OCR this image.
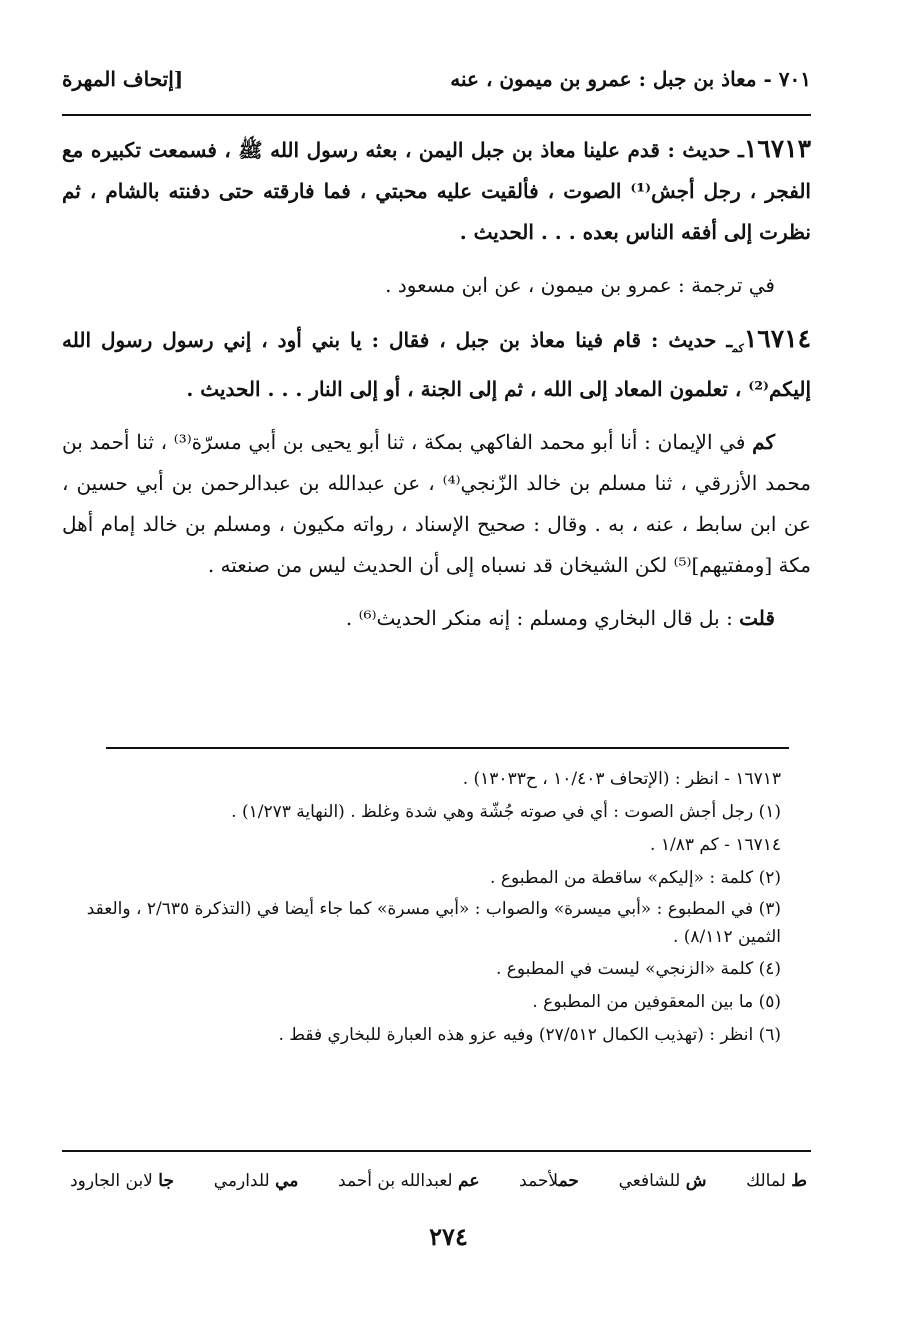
٧٠١ - معاذ بن جبل : عمرو بن ميمون ، عنه
[إتحاف المهرة

١٦٧١٣ـ حديث : قدم علينا معاذ بن جبل اليمن ، بعثه رسول الله ﷺ ، فسمعت تكبيره مع الفجر ، رجل أجش⁽¹⁾ الصوت ، فألقيت عليه محبتي ، فما فارقته حتى دفنته بالشام ، ثم نظرت إلى أفقه الناس بعده . . . الحديث .

في ترجمة : عمرو بن ميمون ، عن ابن مسعود .

$١٦٧١٤_{كم}ـ$ حديث : قام فينا معاذ بن جبل ، فقال : يا بني أود ، إني رسول رسول الله إليكم⁽²⁾ ، تعلمون المعاد إلى الله ، ثم إلى الجنة ، أو إلى النار . . . الحديث .

كم في الإيمان : أنا أبو محمد الفاكهي بمكة ، ثنا أبو يحيى بن أبي مسرّة⁽³⁾ ، ثنا أحمد بن محمد الأزرقي ، ثنا مسلم بن خالد الزّنجي⁽⁴⁾ ، عن عبدالله بن عبدالرحمن بن أبي حسين ، عن ابن سابط ، عنه ، به . وقال : صحيح الإسناد ، رواته مكيون ، ومسلم بن خالد إمام أهل مكة [ومفتيهم]⁽⁵⁾ لكن الشيخان قد نسباه إلى أن الحديث ليس من صنعته .

قلت : بل قال البخاري ومسلم : إنه منكر الحديث⁽⁶⁾ .

١٦٧١٣ - انظر : (الإتحاف ١٠/٤٠٣ ، ح١٣٠٣٣) .
(١) رجل أجش الصوت : أي في صوته جُشّة وهي شدة وغلظ . (النهاية ١/٢٧٣) .
١٦٧١٤ - كم ١/٨٣ .
(٢) كلمة : «إليكم» ساقطة من المطبوع .
(٣) في المطبوع : «أبي ميسرة» والصواب : «أبي مسرة» كما جاء أيضا في (التذكرة ٢/٦٣٥ ، والعقد الثمين ٨/١١٢) .
(٤) كلمة «الزنجي» ليست في المطبوع .
(٥) ما بين المعقوفين من المطبوع .
(٦) انظر : (تهذيب الكمال ٢٧/٥١٢) وفيه عزو هذه العبارة للبخاري فقط .
ط لمالك
ش للشافعي
حملأحمد
عم لعبدالله بن أحمد
مي للدارمي
جا لابن الجارود
٢٧٤
